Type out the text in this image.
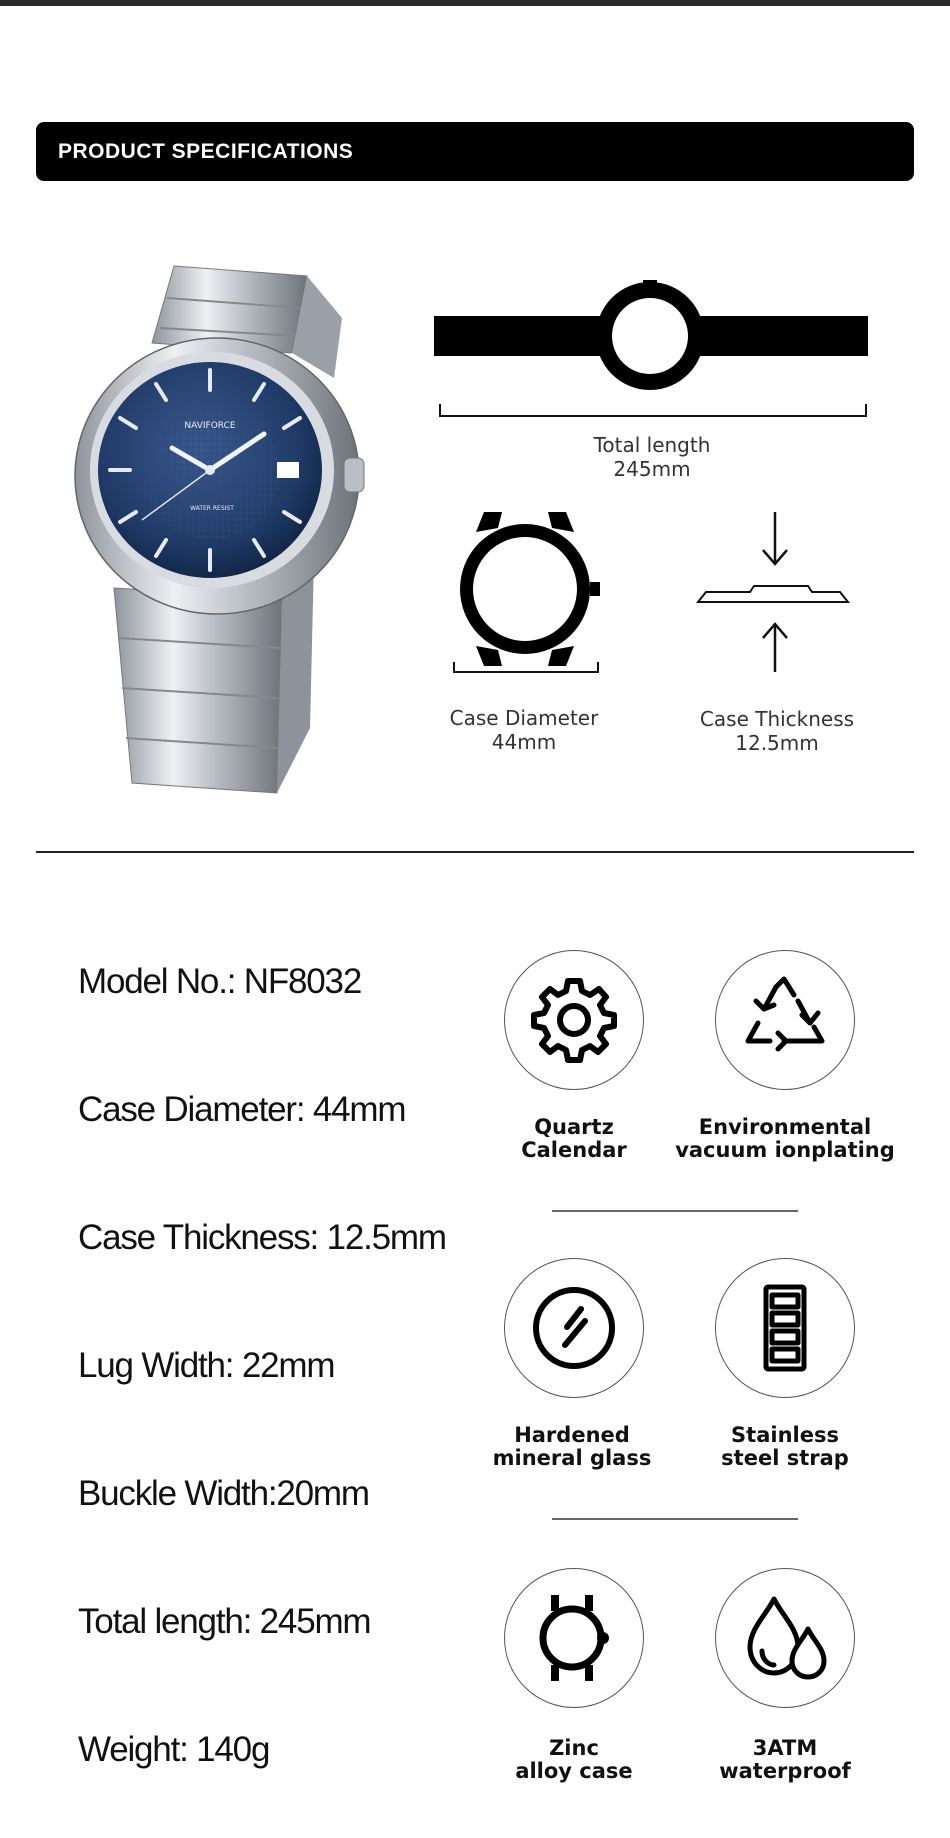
PRODUCT SPECIFICATIONS
NAVIFORCE
WATER RESIST
Total length
245mm
Case Diameter
44mm
Case Thickness
12.5mm
Model No.: NF8032
Case Diameter: 44mm
Case Thickness: 12.5mm
Lug Width: 22mm
Buckle Width:20mm
Total length: 245mm
Weight: 140g
Quartz
Calendar
Environmental
vacuum ionplating
Hardened
mineral glass
Stainless
steel strap
Zinc
alloy case
3ATM
waterproof
